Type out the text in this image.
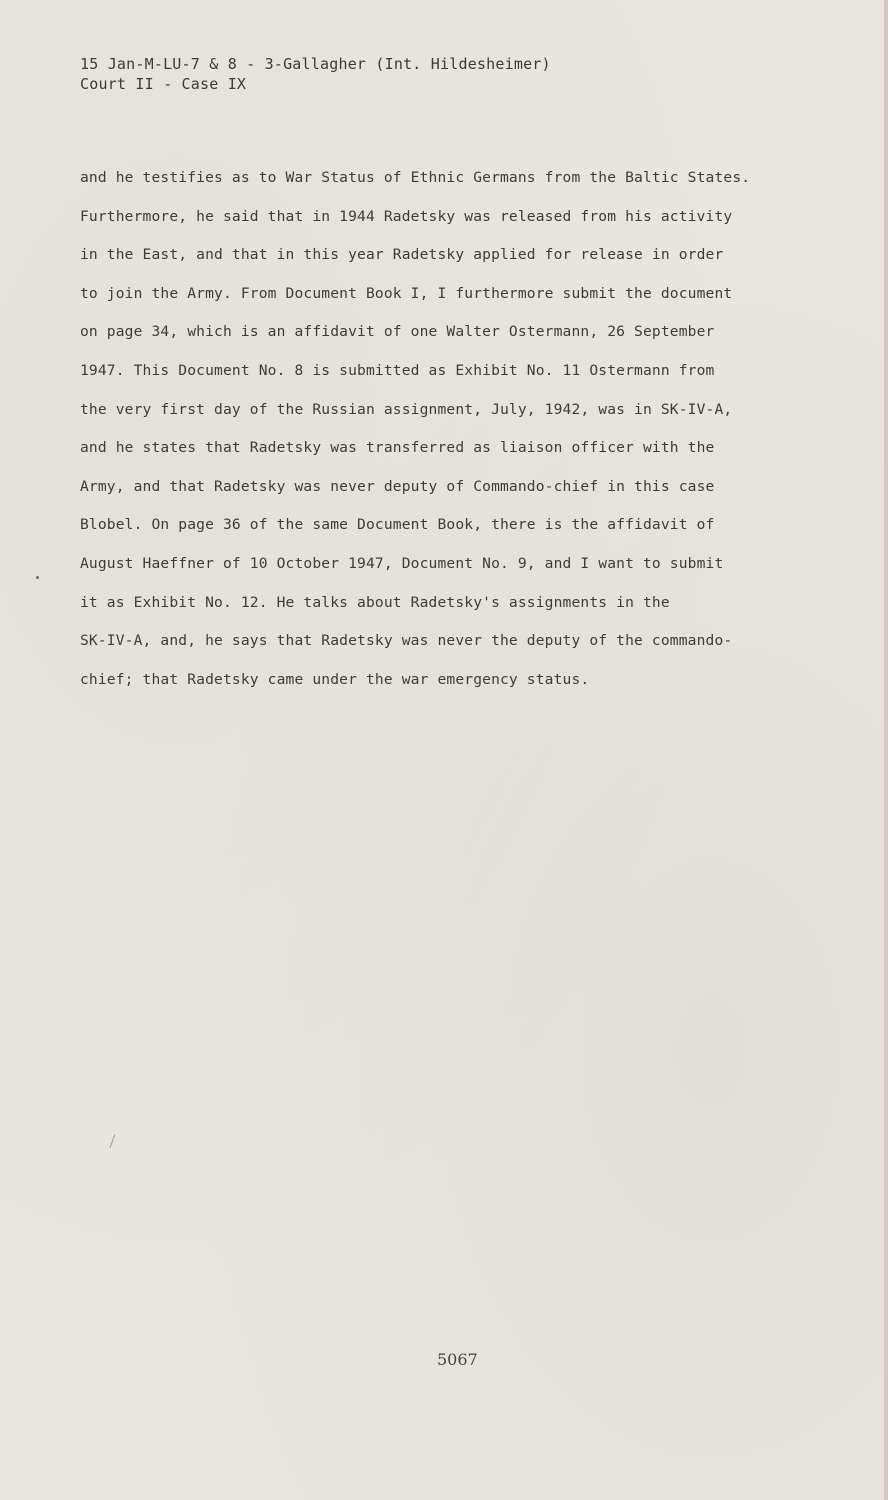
15 Jan-M-LU-7 & 8 - 3-Gallagher (Int. Hildesheimer)
Court II - Case IX
and he testifies as to War Status of Ethnic Germans from the Baltic States.
Furthermore, he said that in 1944 Radetsky was released from his activity
in the East, and that in this year Radetsky applied for release in order
to join the Army. From Document Book I, I furthermore submit the document
on page 34, which is an affidavit of one Walter Ostermann, 26 September
1947. This Document No. 8 is submitted as Exhibit No. 11 Ostermann from
the very first day of the Russian assignment, July, 1942, was in SK-IV-A,
and he states that Radetsky was transferred as liaison officer with the
Army, and that Radetsky was never deputy of Commando-chief in this case
Blobel. On page 36 of the same Document Book, there is the affidavit of
August Haeffner of 10 October 1947, Document No. 9, and I want to submit
it as Exhibit No. 12. He talks about Radetsky's assignments in the
SK-IV-A, and, he says that Radetsky was never the deputy of the commando-
chief; that Radetsky came under the war emergency status.
5067
